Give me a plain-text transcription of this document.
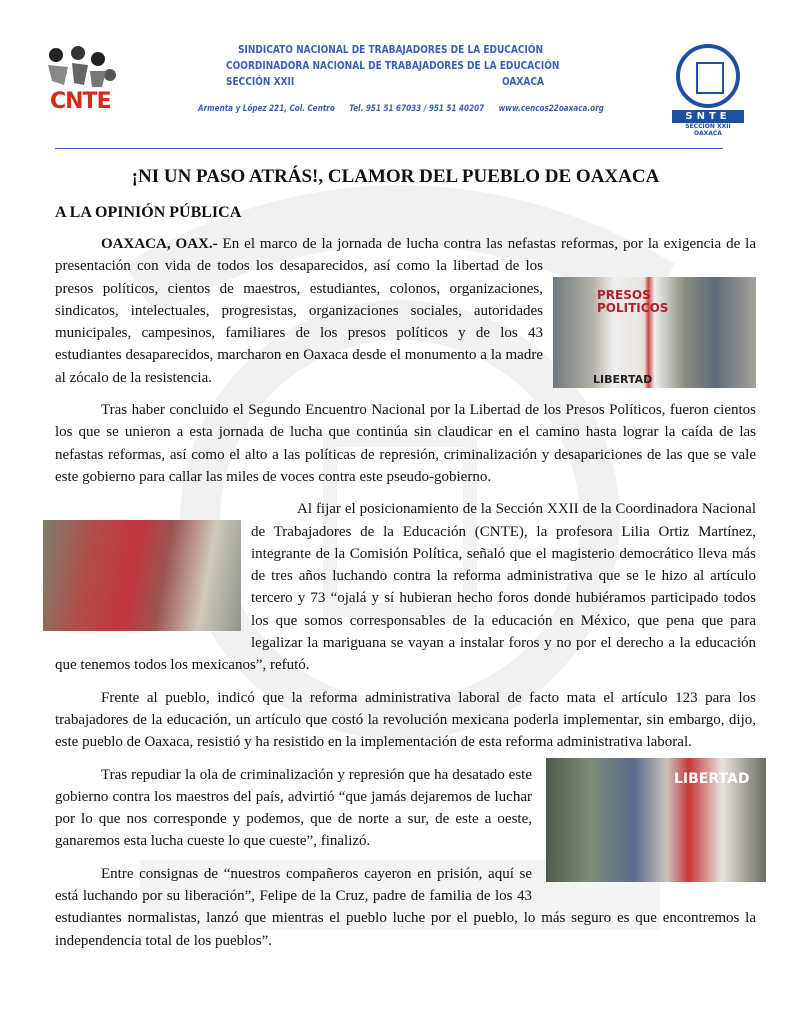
CNTE
SINDICATO NACIONAL DE TRABAJADORES DE LA EDUCACIÓN
COORDINADORA NACIONAL DE TRABAJADORES DE LA EDUCACIÓN
SECCIÓN XXII	OAXACA
Armenta y López 221, Col. Centro Tel. 951 51 67033 / 951 51 40207 www.cencos22oaxaca.org
SNTE
SECCION XXII
OAXACA
¡NI UN PASO ATRÁS!, CLAMOR DEL PUEBLO DE OAXACA
A LA OPINIÓN PÚBLICA

PRESOS POLITICOS
LIBERTAD
OAXACA, OAX.- En el marco de la jornada de lucha contra las nefastas reformas, por la exigencia de la presentación con vida de todos los desaparecidos, así como la libertad de los presos políticos, cientos de maestros, estudiantes, colonos, organizaciones, sindicatos, intelectuales, progresistas, organizaciones sociales, autoridades municipales, campesinos, familiares de los presos políticos y de los 43 estudiantes desaparecidos, marcharon en Oaxaca desde el monumento a la madre al zócalo de la resistencia.

Tras haber concluido el Segundo Encuentro Nacional por la Libertad de los Presos Políticos, fueron cientos los que se unieron a esta jornada de lucha que continúa sin claudicar en el camino hasta lograr la caída de las nefastas reformas, así como el alto a las políticas de represión, criminalización y desapariciones de las que se vale este gobierno para callar las miles de voces contra este pseudo-gobierno.

Al fijar el posicionamiento de la Sección XXII de la Coordinadora Nacional de Trabajadores de la Educación (CNTE), la profesora Lilia Ortiz Martínez, integrante de la Comisión Política, señaló que el magisterio democrático lleva más de tres años luchando contra la reforma administrativa que se le hizo al artículo tercero y 73 “ojalá y sí hubieran hecho foros donde hubiéramos participado todos los que somos corresponsables de la educación en México, que pena que para legalizar la mariguana se vayan a instalar foros y no por el derecho a la educación que tenemos todos los mexicanos”, refutó.

Frente al pueblo, indicó que la reforma administrativa laboral de facto mata el artículo 123 para los trabajadores de la educación, un artículo que costó la revolución mexicana poderla implementar, sin embargo, dijo, este pueblo de Oaxaca, resistió y ha resistido en la implementación de esta reforma administrativa laboral.

LIBERTAD
Tras repudiar la ola de criminalización y represión que ha desatado este gobierno contra los maestros del país, advirtió “que jamás dejaremos de luchar por lo que nos corresponde y podemos, que de norte a sur, de este a oeste, ganaremos esta lucha cueste lo que cueste”, finalizó.

Entre consignas de “nuestros compañeros cayeron en prisión, aquí se está luchando por su liberación”, Felipe de la Cruz, padre de familia de los 43 estudiantes normalistas, lanzó que mientras el pueblo luche por el pueblo, lo más seguro es que encontremos la independencia total de los pueblos”.
